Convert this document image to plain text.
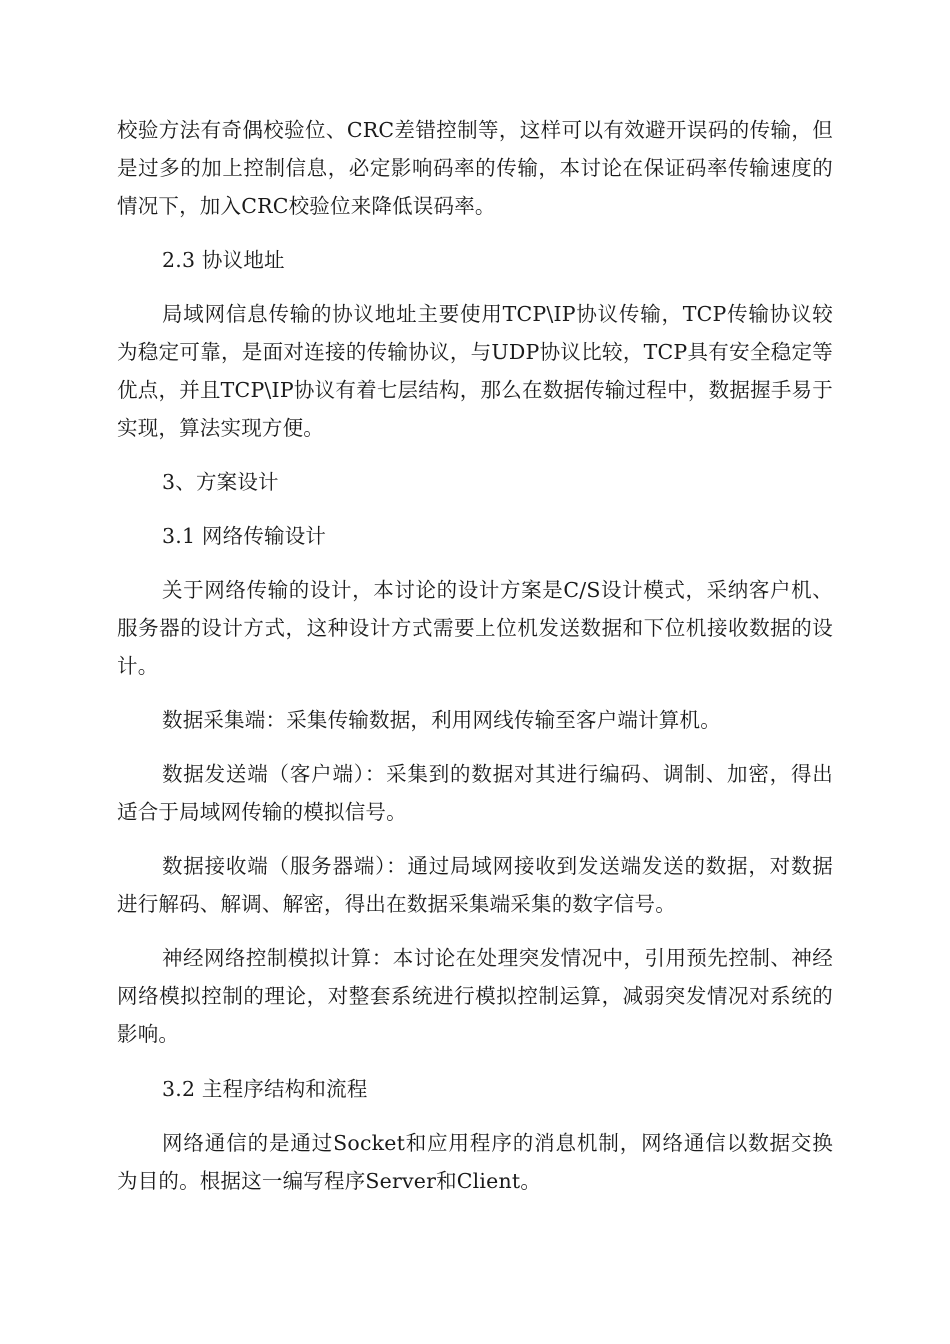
校验方法有奇偶校验位、CRC差错控制等，这样可以有效避开误码的传输，但是过多的加上控制信息，必定影响码率的传输，本讨论在保证码率传输速度的情况下，加入CRC校验位来降低误码率。

2.3 协议地址

局域网信息传输的协议地址主要使用TCP\IP协议传输，TCP传输协议较为稳定可靠，是面对连接的传输协议，与UDP协议比较，TCP具有安全稳定等优点，并且TCP\IP协议有着七层结构，那么在数据传输过程中，数据握手易于实现，算法实现方便。

3、方案设计
3.1 网络传输设计

关于网络传输的设计，本讨论的设计方案是C/S设计模式，采纳客户机、服务器的设计方式，这种设计方式需要上位机发送数据和下位机接收数据的设计。

数据采集端：采集传输数据，利用网线传输至客户端计算机。

数据发送端（客户端）：采集到的数据对其进行编码、调制、加密，得出适合于局域网传输的模拟信号。

数据接收端（服务器端）：通过局域网接收到发送端发送的数据，对数据进行解码、解调、解密，得出在数据采集端采集的数字信号。

神经网络控制模拟计算：本讨论在处理突发情况中，引用预先控制、神经网络模拟控制的理论，对整套系统进行模拟控制运算，减弱突发情况对系统的影响。

3.2 主程序结构和流程

网络通信的是通过Socket和应用程序的消息机制，网络通信以数据交换为目的。根据这一编写程序Server和Client。
